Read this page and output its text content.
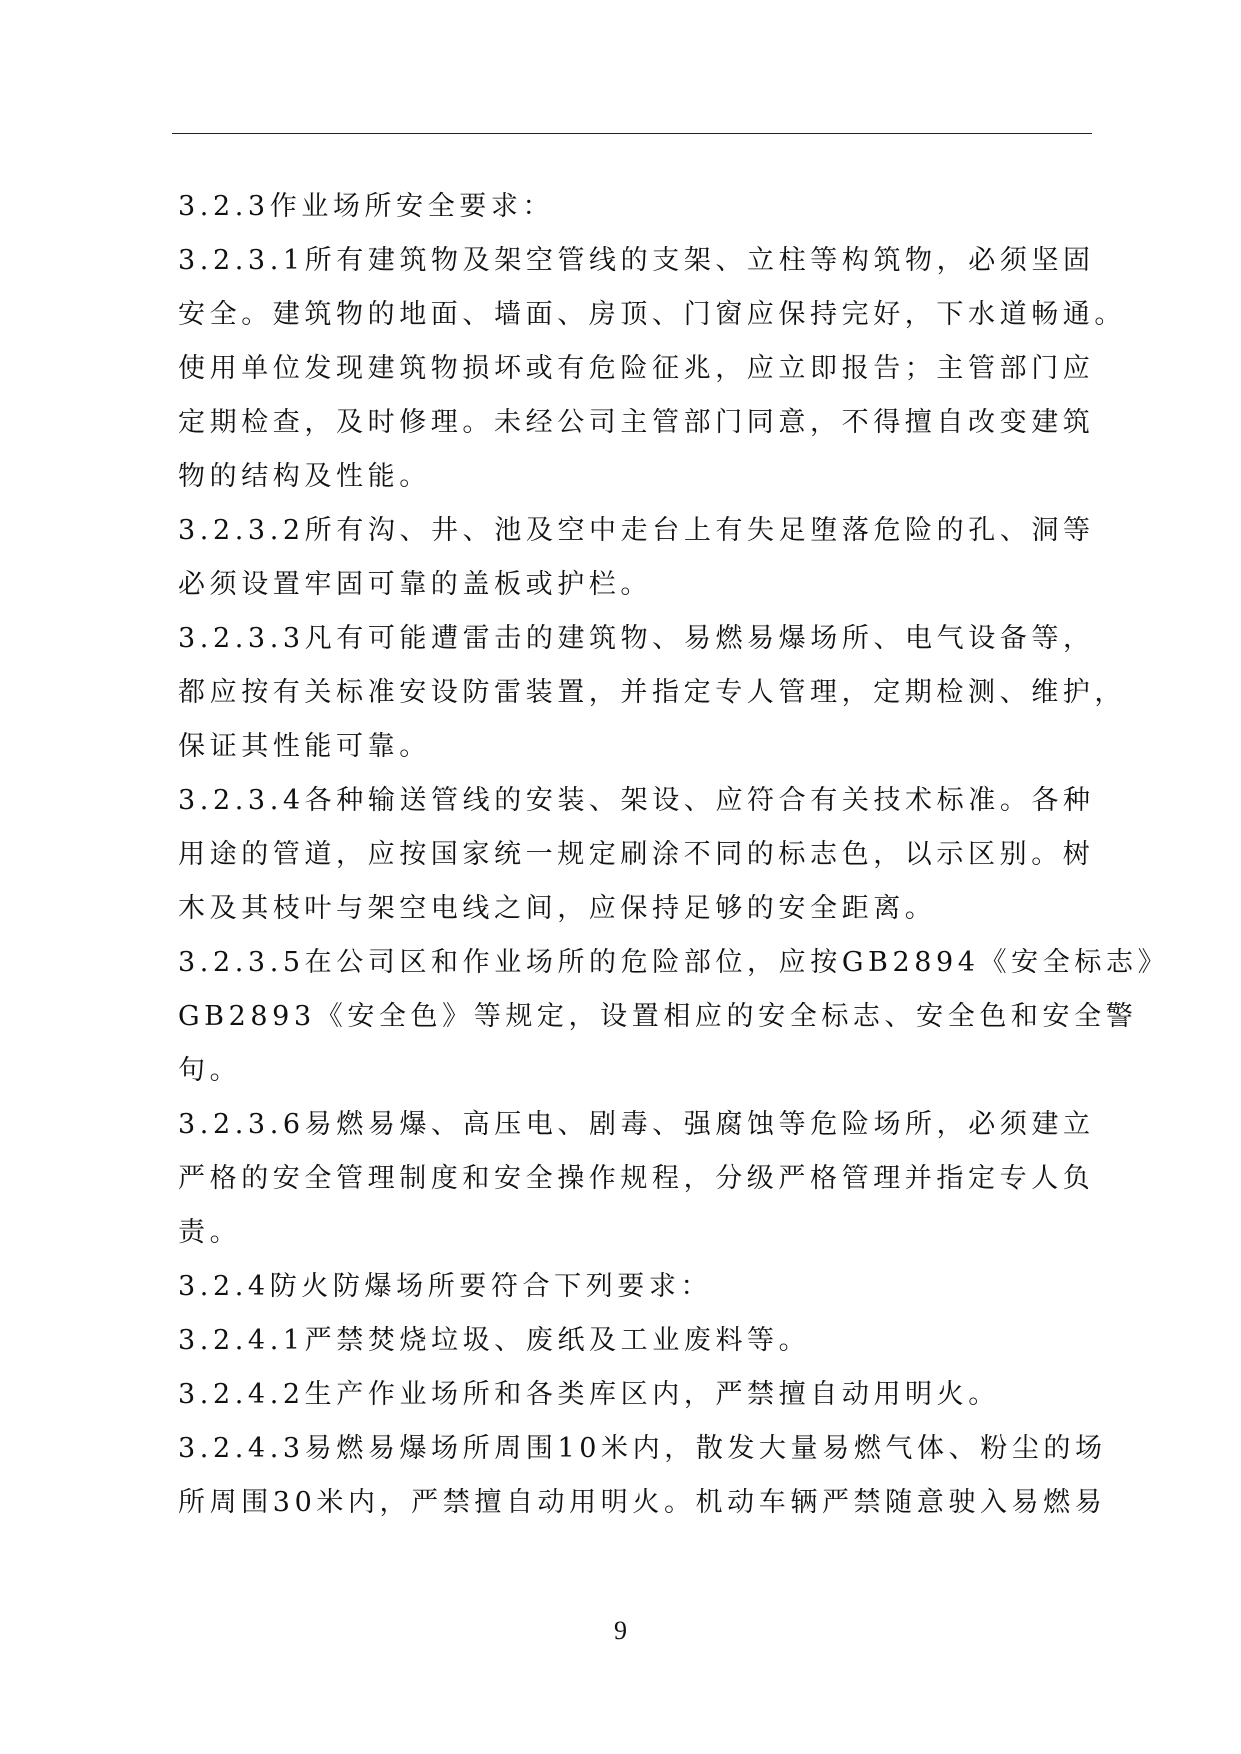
3.2.3作业场所安全要求：
3.2.3.1所有建筑物及架空管线的支架、立柱等构筑物，必须坚固
安全。建筑物的地面、墙面、房顶、门窗应保持完好，下水道畅通。
使用单位发现建筑物损坏或有危险征兆，应立即报告；主管部门应
定期检查，及时修理。未经公司主管部门同意，不得擅自改变建筑
物的结构及性能。
3.2.3.2所有沟、井、池及空中走台上有失足堕落危险的孔、洞等
必须设置牢固可靠的盖板或护栏。
3.2.3.3凡有可能遭雷击的建筑物、易燃易爆场所、电气设备等，
都应按有关标准安设防雷装置，并指定专人管理，定期检测、维护，
保证其性能可靠。
3.2.3.4各种输送管线的安装、架设、应符合有关技术标准。各种
用途的管道，应按国家统一规定刷涂不同的标志色，以示区别。树
木及其枝叶与架空电线之间，应保持足够的安全距离。
3.2.3.5在公司区和作业场所的危险部位，应按GB2894《安全标志》
GB2893《安全色》等规定，设置相应的安全标志、安全色和安全警
句。
3.2.3.6易燃易爆、高压电、剧毒、强腐蚀等危险场所，必须建立
严格的安全管理制度和安全操作规程，分级严格管理并指定专人负
责。
3.2.4防火防爆场所要符合下列要求：
3.2.4.1严禁焚烧垃圾、废纸及工业废料等。
3.2.4.2生产作业场所和各类库区内，严禁擅自动用明火。
3.2.4.3易燃易爆场所周围10米内，散发大量易燃气体、粉尘的场
所周围30米内，严禁擅自动用明火。机动车辆严禁随意驶入易燃易
9
